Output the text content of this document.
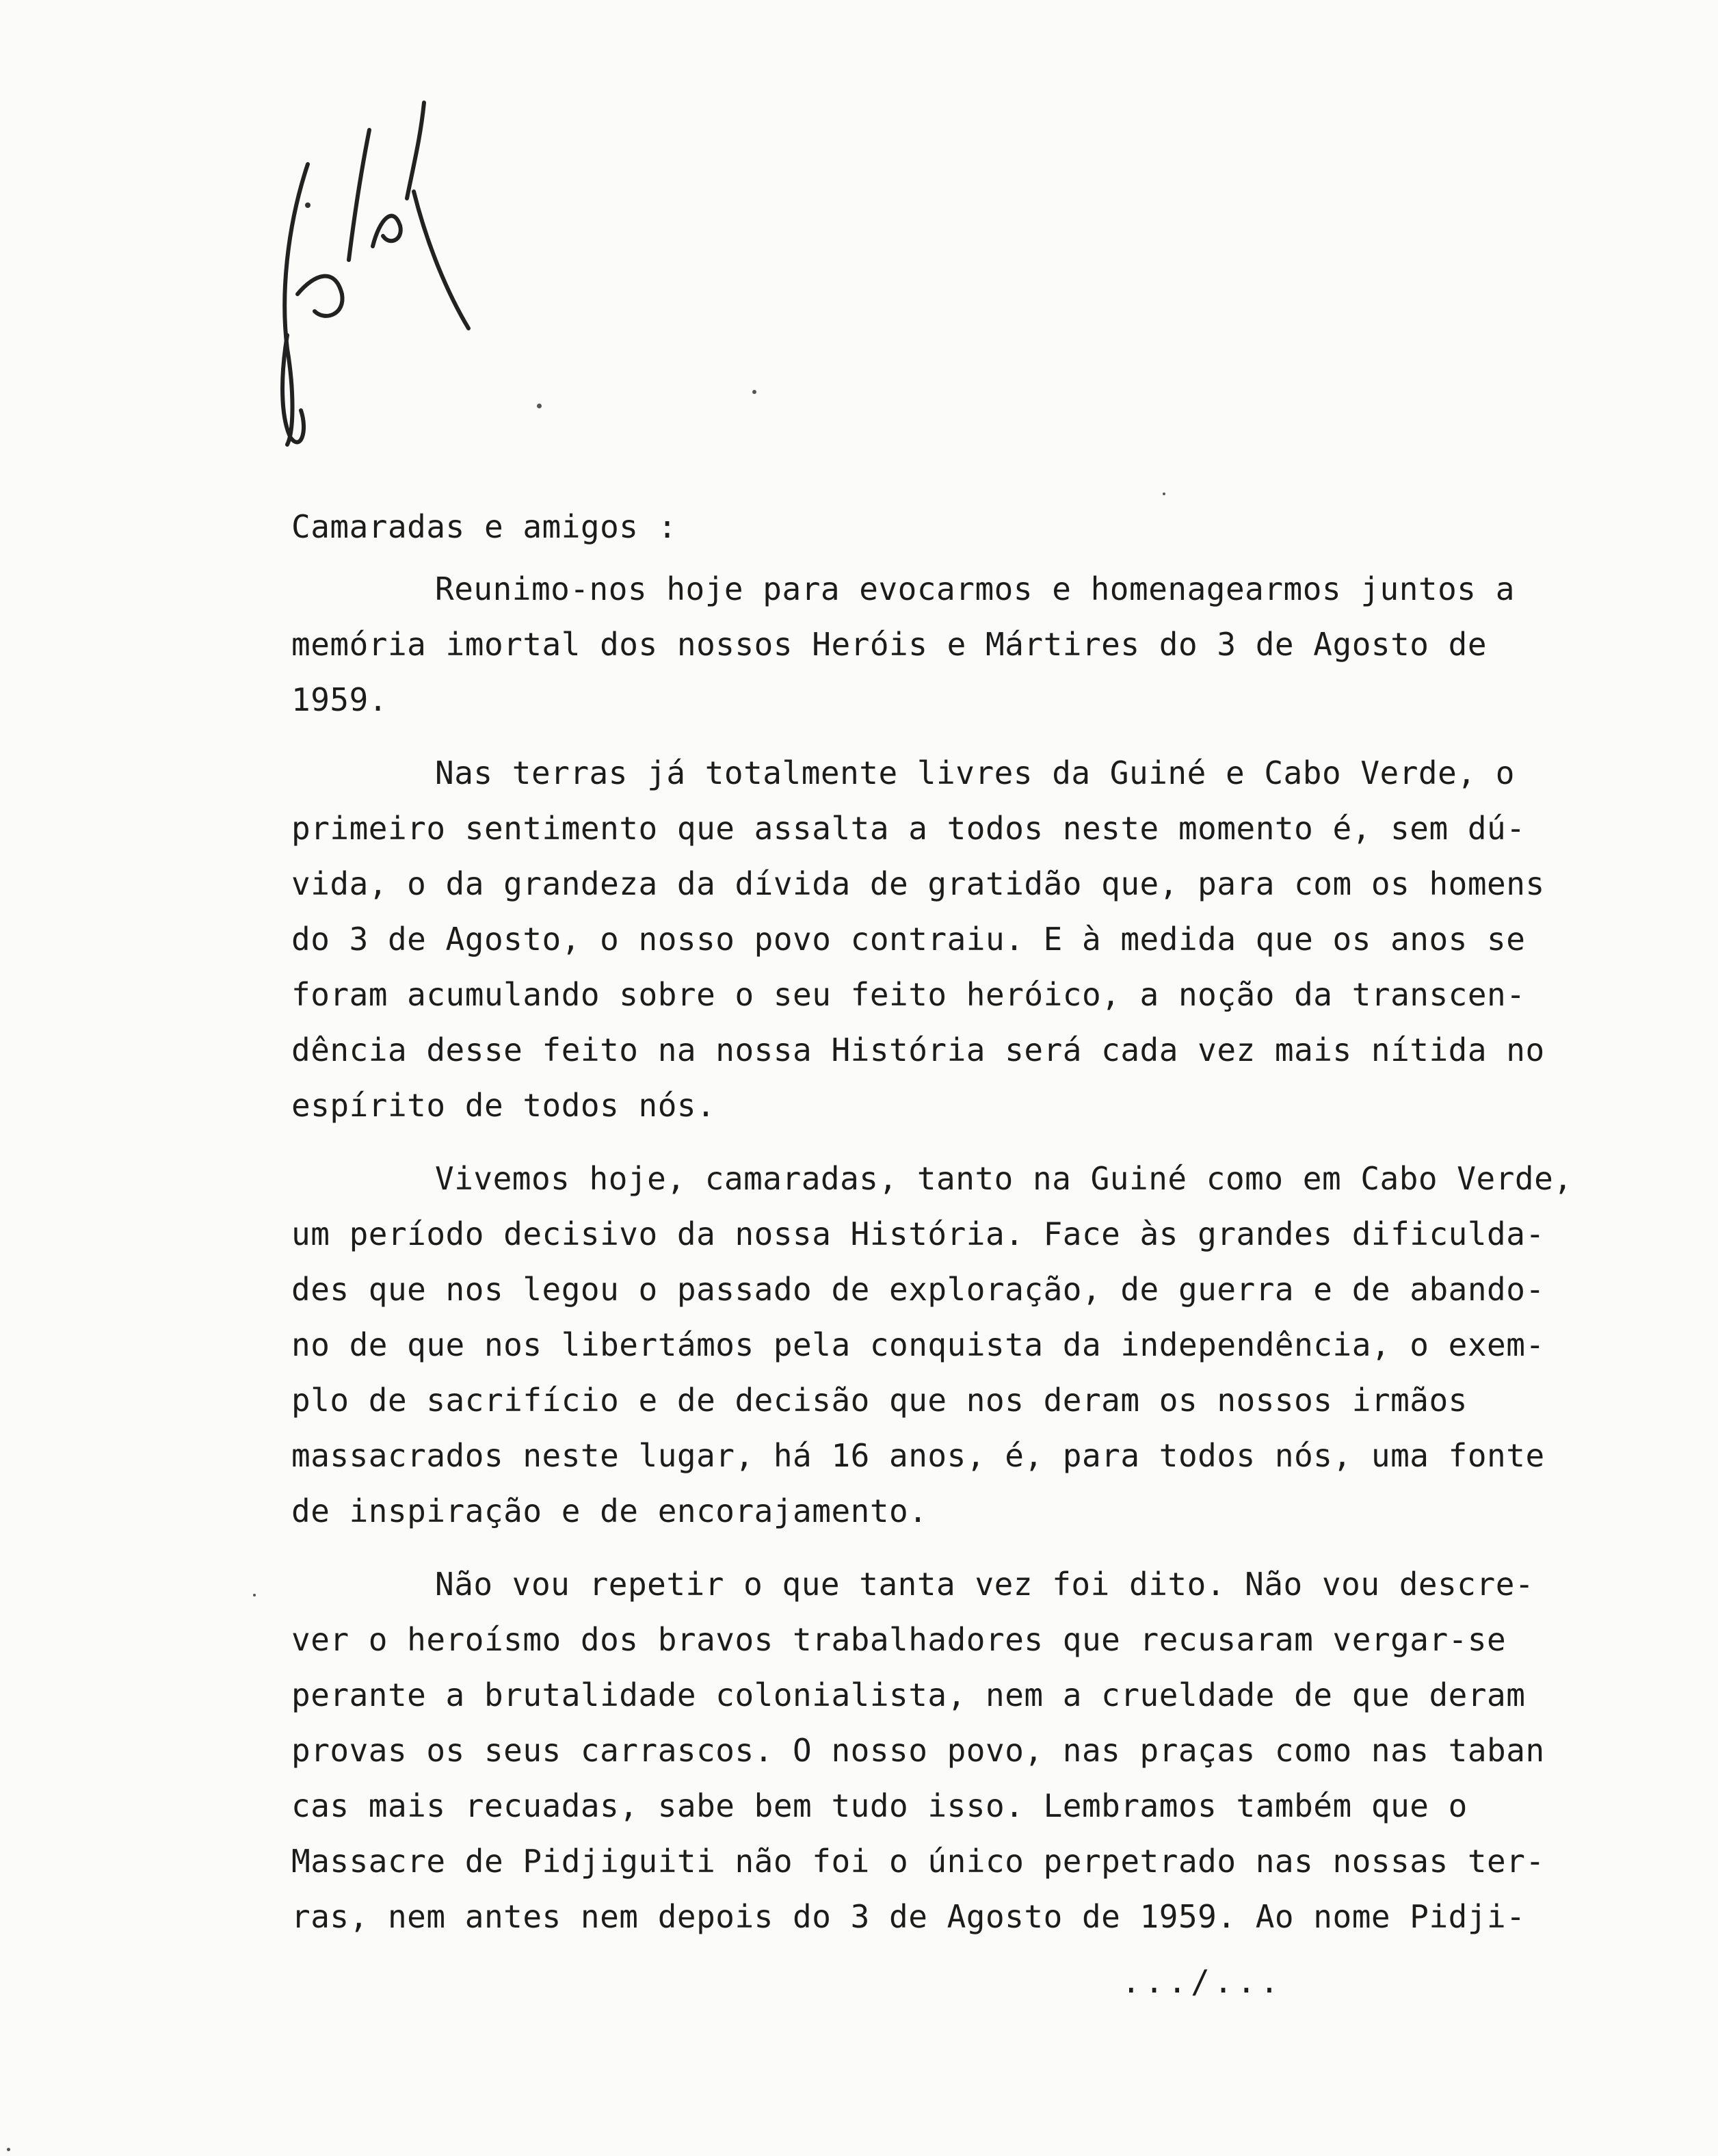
Camaradas e amigos :
Reunimo-nos hoje para evocarmos e homenagearmos juntos a
memória imortal dos nossos Heróis e Mártires do 3 de Agosto de
1959.
Nas terras já totalmente livres da Guiné e Cabo Verde, o
primeiro sentimento que assalta a todos neste momento é, sem dú-
vida, o da grandeza da dívida de gratidão que, para com os homens
do 3 de Agosto, o nosso povo contraiu. E à medida que os anos se
foram acumulando sobre o seu feito heróico, a noção da transcen-
dência desse feito na nossa História será cada vez mais nítida no
espírito de todos nós.
Vivemos hoje, camaradas, tanto na Guiné como em Cabo Verde,
um período decisivo da nossa História. Face às grandes dificulda-
des que nos legou o passado de exploração, de guerra e de abando-
no de que nos libertámos pela conquista da independência, o exem-
plo de sacrifício e de decisão que nos deram os nossos irmãos
massacrados neste lugar, há 16 anos, é, para todos nós, uma fonte
de inspiração e de encorajamento.
Não vou repetir o que tanta vez foi dito. Não vou descre-
ver o heroísmo dos bravos trabalhadores que recusaram vergar-se
perante a brutalidade colonialista, nem a crueldade de que deram
provas os seus carrascos. O nosso povo, nas praças como nas taban
cas mais recuadas, sabe bem tudo isso. Lembramos também que o
Massacre de Pidjiguiti não foi o único perpetrado nas nossas ter-
ras, nem antes nem depois do 3 de Agosto de 1959. Ao nome Pidji-
.../...
